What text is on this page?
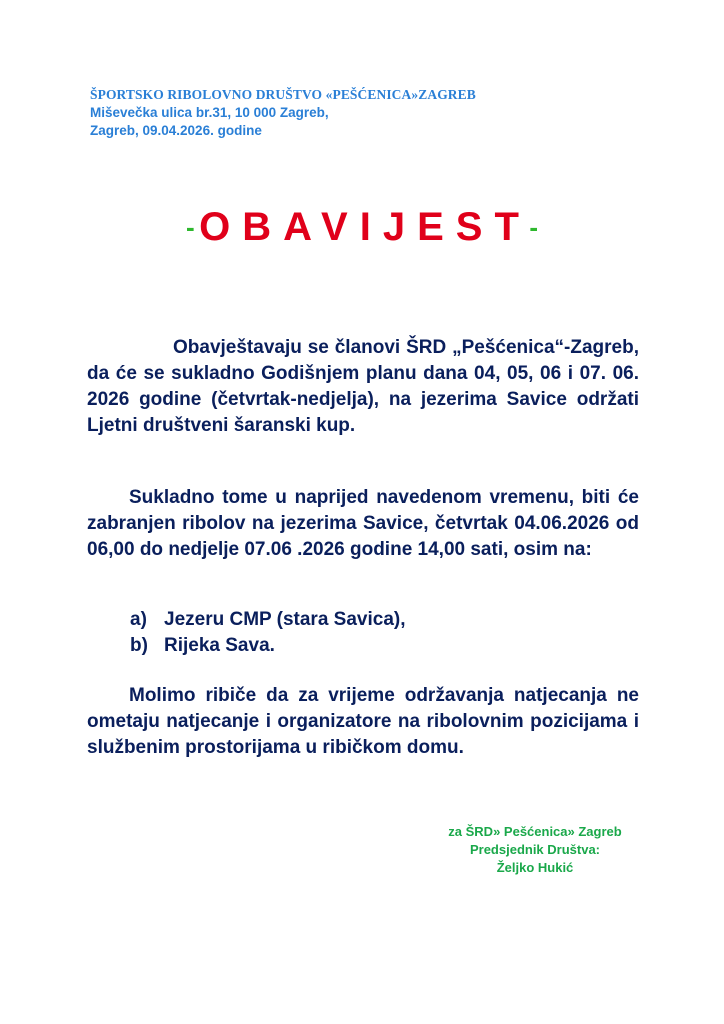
ŠPORTSKO RIBOLOVNO DRUŠTVO «PEŠĆENICA»ZAGREB
Miševečka ulica br.31, 10 000 Zagreb,
Zagreb, 09.04.2026. godine
- OBAVIJEST -
Obavještavaju se članovi ŠRD „Pešćenica“-Zagreb, da će se sukladno Godišnjem planu dana 04, 05, 06 i 07. 06. 2026 godine (četvrtak-nedjelja), na jezerima Savice održati Ljetni društveni šaranski kup.
Sukladno tome u naprijed navedenom vremenu, biti će zabranjen ribolov na jezerima Savice, četvrtak 04.06.2026 od 06,00 do nedjelje 07.06 .2026 godine 14,00 sati, osim na:
a) Jezeru CMP (stara Savica),
b) Rijeka Sava.
Molimo ribiče da za vrijeme održavanja natjecanja ne ometaju natjecanje i organizatore na ribolovnim pozicijama i službenim prostorijama u ribičkom domu.
za ŠRD» Pešćenica» Zagreb
Predsjednik Društva:
Željko Hukić
